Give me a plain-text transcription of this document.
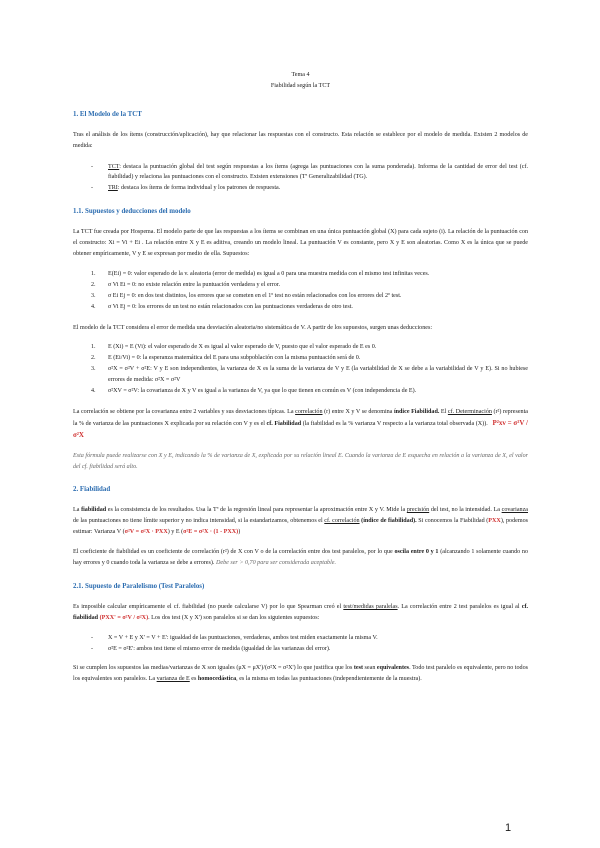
Tema 4
Fiabilidad según la TCT
1. El Modelo de la TCT

Tras el análisis de los ítems (construcción/aplicación), hay que relacionar las respuestas con el constructo. Esta relación se establece por el modelo de medida. Existen 2 modelos de medida:

-	TCT: destaca la puntuación global del test según respuestas a los ítems (agrega las puntuaciones con la suma ponderada). Informa de la cantidad de error del test (cf. fiabilidad) y relaciona las puntuaciones con el constructo. Existen extensiones (Tª Generalizabilidad (TG).
-	TRI: destaca los ítems de forma individual y los patrones de respuesta.
1.1. Supuestos y deducciones del modelo

La TCT fue creada por Hospema. El modelo parte de que las respuestas a los ítems se combinan en una única puntuación global (X) para cada sujeto (i). La relación de la puntuación con el constructo: Xi = Vi + Ei . La relación entre X y E es aditiva, creando un modelo lineal. La puntuación V es constante, pero X y E son aleatorias. Como X es la única que se puede obtener empíricamente, V y E se expresan por medio de ella. Supuestos:

1.	E(Ei) = 0: valor esperado de la v. aleatoria (error de medida) es igual a 0 para una muestra medida con el mismo test infinitas veces.
2.	σ Vi Ei = 0: no existe relación entre la puntuación verdadera y el error.
3.	σ Ei Ej = 0: en dos test distintos, los errores que se cometen en el 1º test no están relacionados con los errores del 2º test.
4.	σ Vi Ej = 0: los errores de un test no están relacionados con las puntuaciones verdaderas de otro test.

El modelo de la TCT considera el error de medida una desviación aleatoria/no sistemática de V. A partir de los supuestos, surgen unas deducciones:

1.	E (Xi) = E (Vi): el valor esperado de X es igual al valor esperado de V, puesto que el valor esperado de E es 0.
2.	E (Ei/Vi) = 0: la esperanza matemática del E para una subpoblación con la misma puntuación será de 0.
3.	σ²X = σ²V + σ²E: V y E son independientes, la varianza de X es la suma de la varianza de V y E (la variabilidad de X se debe a la variabilidad de V y E). Si no hubiese errores de medida: σ²X = σ²V
4.	σ²XV = σ²V: la covarianza de X y V es igual a la varianza de V, ya que lo que tienen en común es V (con independencia de E).

La correlación se obtiene por la covarianza entre 2 variables y sus desviaciones típicas. La correlación (r) entre X y V se denomina índice Fiabilidad. El cf. Determinación (r²) representa la % de varianza de las puntuaciones X explicada por su relación con V y es el cf. Fiabilidad (la fiabilidad es la % varianza V respecto a la varianza total observada (X)). P²xv = σ²V / σ²X

Esta fórmula puede realizarse con X y E, indicando la % de varianza de X, explicada por su relación lineal E. Cuando la varianza de E esquecha en relación a la varianza de X, el valor del cf. fiabilidad será alto.

2. Fiabilidad

La fiabilidad es la consistencia de los resultados. Usa la Tª de la regresión lineal para representar la aproximación entre X y V. Mide la precisión del test, no la intensidad. La covarianza de las puntuaciones no tiene límite superior y no indica intensidad, si la estandarizamos, obtenemos el cf. correlación (índice de fiabilidad). Si conocemos la Fiabilidad (PXX), podemos estimar: Varianza V (σ²V = σ²X · PXX) y E (σ²E = σ²X · (1 - PXX))

El coeficiente de fiabilidad es un coeficiente de correlación (r²) de X con V o de la correlación entre dos test paralelos, por lo que oscila entre 0 y 1 (alcanzando 1 solamente cuando no hay errores y 0 cuando toda la varianza se debe a errores). Debe ser > 0,70 para ser considerada aceptable.

2.1. Supuesto de Paralelismo (Test Paralelos)

Es imposible calcular empíricamente el cf. fiabilidad (no puede calcularse V) por lo que Spearman creó el test/medidas paralelas. La correlación entre 2 test paralelos es igual al cf. fiabilidad (PXX' = σ²V / σ²X). Los dos test (X y X') son paralelos si se dan los siguientes supuestos:

-	X = V + E y X' = V + E': igualdad de las puntuaciones, verdaderas, ambos test miden exactamente la misma V.
-	σ²E = σ²E': ambos test tiene el mismo error de medida (igualdad de las varianzas del error).

Si se cumplen los supuestos las medias/varianzas de X son iguales (μX = μX')/(σ²X = σ²X') lo que justifica que los test sean equivalentes. Todo test paralelo es equivalente, pero no todos los equivalentes son paralelos. La varianza de E es homocedástica, es la misma en todas las puntuaciones (independientemente de la muestra).

1
